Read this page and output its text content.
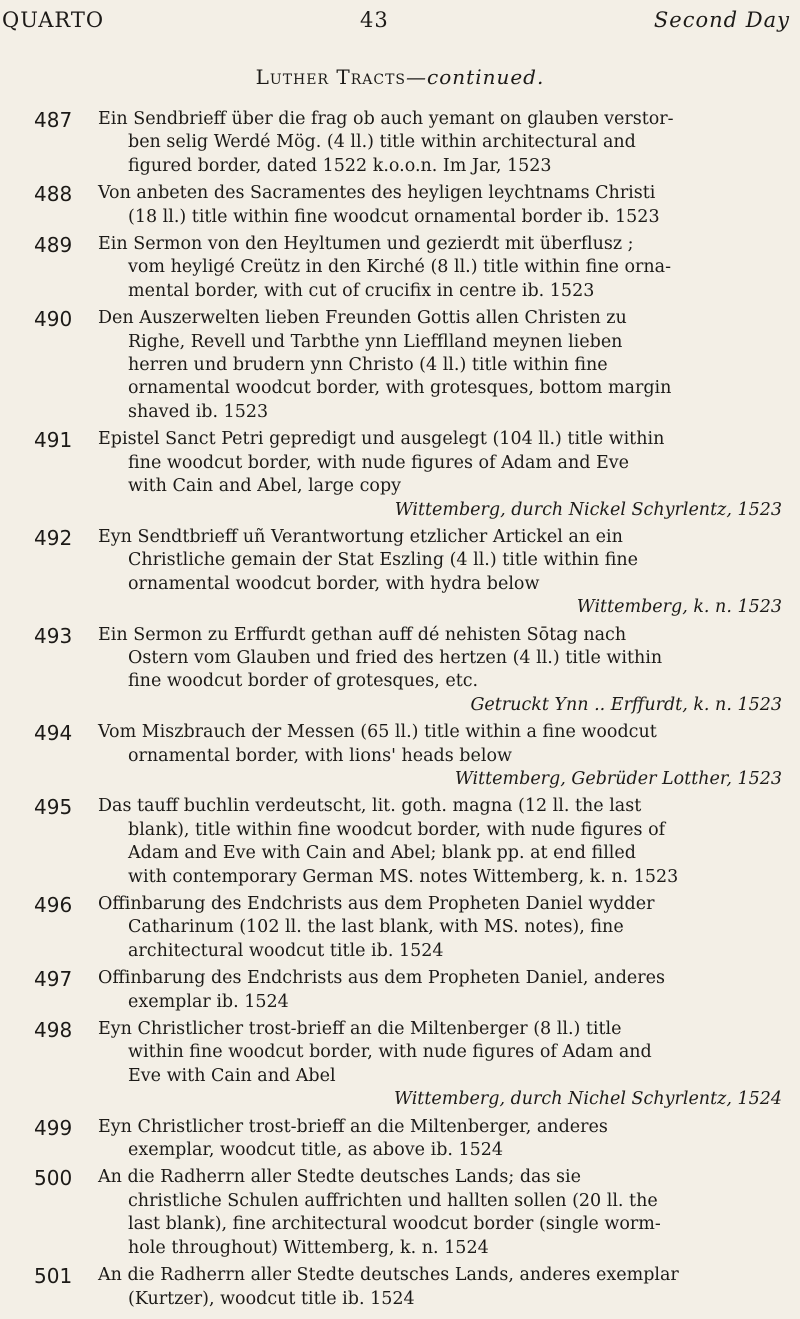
QUARTO	43	Second Day
Luther Tracts—continued.
487 Ein Sendbrieff über die frag ob auch yemant on glauben verstor-
ben selig Werdé Mög. (4 ll.) title within architectural and
figured border, dated 1522 k.o.o.n. Im Jar, 1523
488 Von anbeten des Sacramentes des heyligen leychtnams Christi
(18 ll.) title within fine woodcut ornamental border ib. 1523
489 Ein Sermon von den Heyltumen und gezierdt mit überflusz ;
vom heyligé Creütz in den Kirché (8 ll.) title within fine orna-
mental border, with cut of crucifix in centre ib. 1523
490 Den Auszerwelten lieben Freunden Gottis allen Christen zu
Righe, Revell und Tarbthe ynn Liefflland meynen lieben
herren und brudern ynn Christo (4 ll.) title within fine
ornamental woodcut border, with grotesques, bottom margin
shaved ib. 1523
491 Epistel Sanct Petri gepredigt und ausgelegt (104 ll.) title within
fine woodcut border, with nude figures of Adam and Eve
with Cain and Abel, large copy
Wittemberg, durch Nickel Schyrlentz, 1523
492 Eyn Sendtbrieff uñ Verantwortung etzlicher Artickel an ein
Christliche gemain der Stat Eszling (4 ll.) title within fine
ornamental woodcut border, with hydra below
Wittemberg, k. n. 1523
493 Ein Sermon zu Erffurdt gethan auff dé nehisten Sōtag nach
Ostern vom Glauben und fried des hertzen (4 ll.) title within
fine woodcut border of grotesques, etc.
Getruckt Ynn .. Erffurdt, k. n. 1523
494 Vom Miszbrauch der Messen (65 ll.) title within a fine woodcut
ornamental border, with lions' heads below
Wittemberg, Gebrüder Lotther, 1523
495 Das tauff buchlin verdeutscht, lit. goth. magna (12 ll. the last
blank), title within fine woodcut border, with nude figures of
Adam and Eve with Cain and Abel; blank pp. at end filled
with contemporary German MS. notes Wittemberg, k. n. 1523
496 Offinbarung des Endchrists aus dem Propheten Daniel wydder
Catharinum (102 ll. the last blank, with MS. notes), fine
architectural woodcut title ib. 1524
497 Offinbarung des Endchrists aus dem Propheten Daniel, anderes
exemplar ib. 1524
498 Eyn Christlicher trost-brieff an die Miltenberger (8 ll.) title
within fine woodcut border, with nude figures of Adam and
Eve with Cain and Abel
Wittemberg, durch Nichel Schyrlentz, 1524
499 Eyn Christlicher trost-brieff an die Miltenberger, anderes
exemplar, woodcut title, as above ib. 1524
500 An die Radherrn aller Stedte deutsches Lands; das sie
christliche Schulen auffrichten und hallten sollen (20 ll. the
last blank), fine architectural woodcut border (single worm-
hole throughout) Wittemberg, k. n. 1524
501 An die Radherrn aller Stedte deutsches Lands, anderes exemplar
(Kurtzer), woodcut title ib. 1524
